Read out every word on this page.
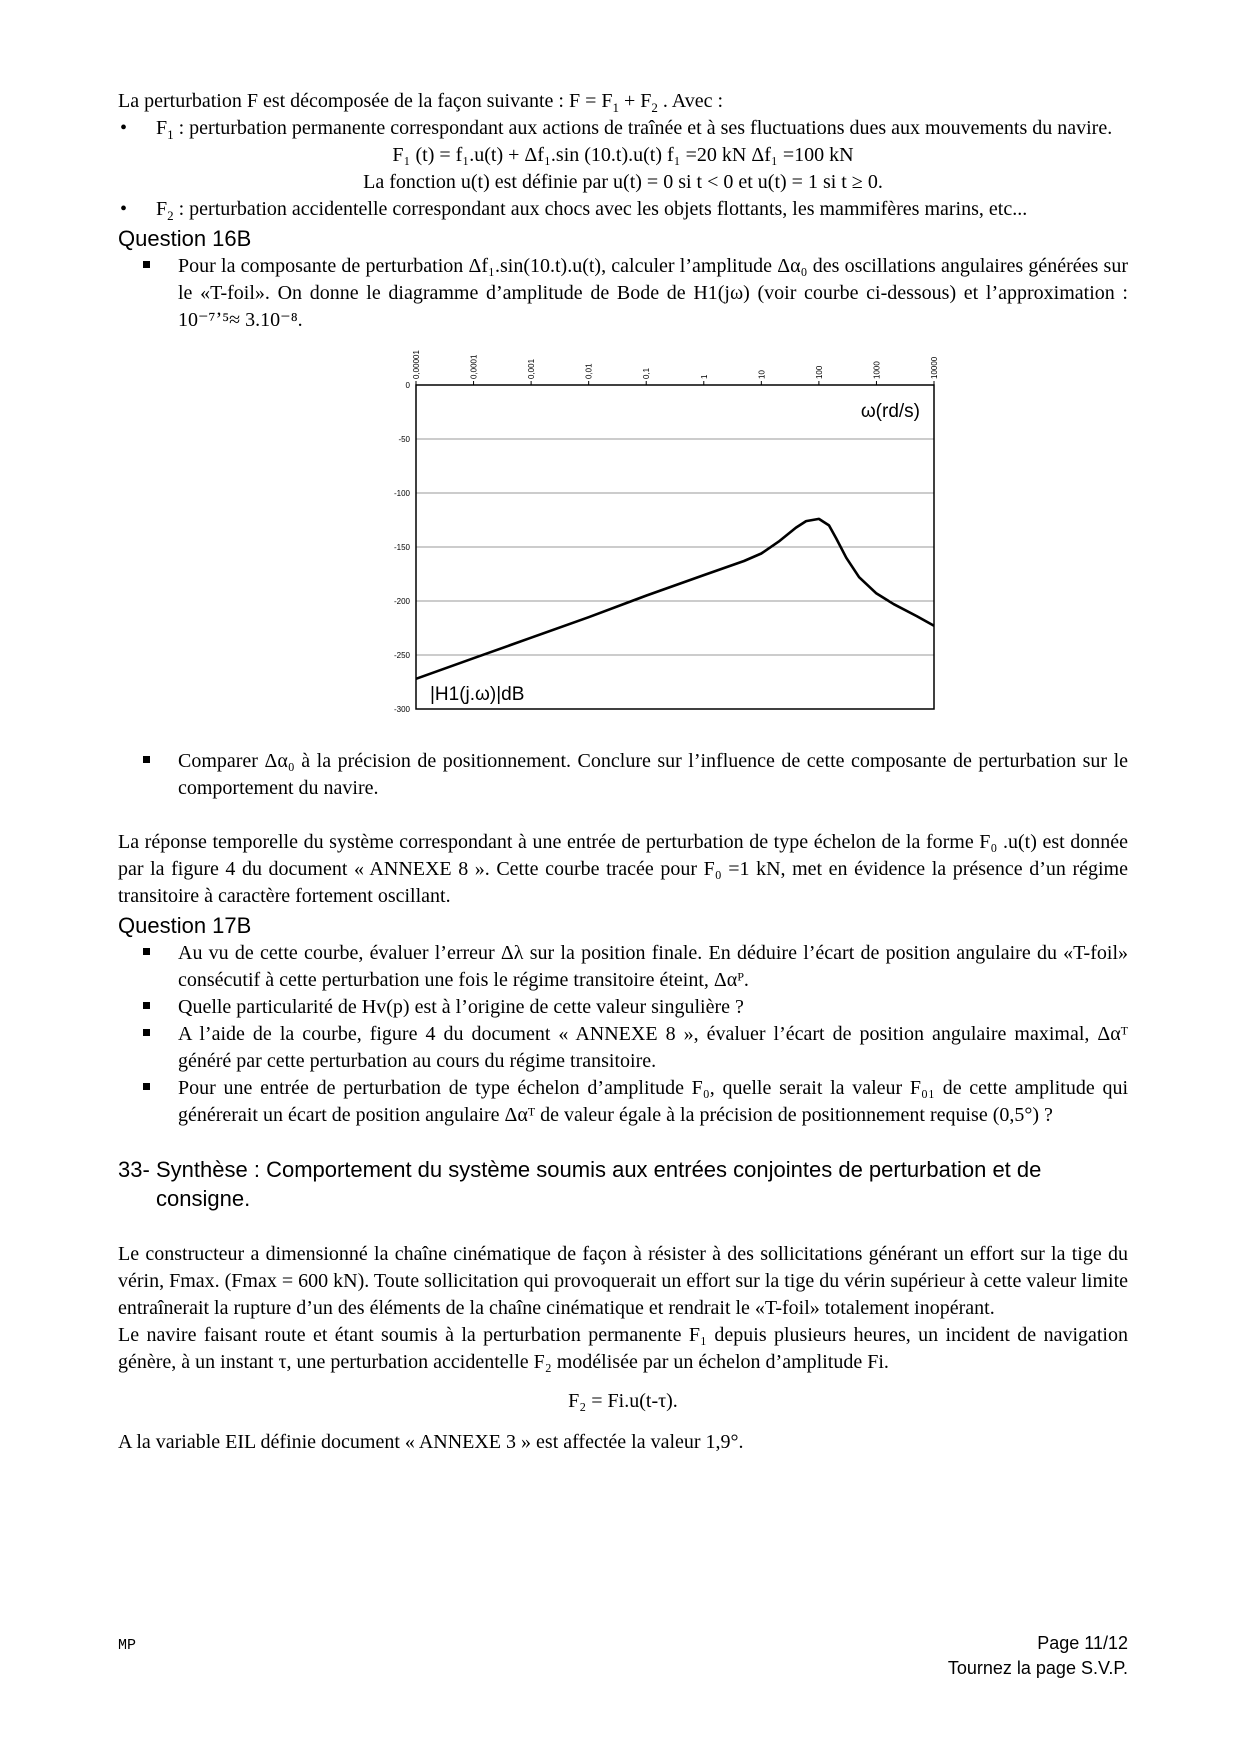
La perturbation F est décomposée de la façon suivante : $F = F_1 + F_2$ . Avec :

• $F_1$ : perturbation permanente correspondant aux actions de traînée et à ses fluctuations dues aux mouvements du navire.
F₁ (t) = f₁.u(t) + Δf₁.sin (10.t).u(t) f₁ =20 kN Δf₁ =100 kN
La fonction u(t) est définie par u(t) = 0 si t < 0 et u(t) = 1 si t ≥ 0.
• $F_2$ : perturbation accidentelle correspondant aux chocs avec les objets flottants, les mammifères marins, etc...
Question 16B
Pour la composante de perturbation Δf₁.sin(10.t).u(t), calculer l’amplitude Δα₀ des oscillations angulaires générées sur le «T-foil». On donne le diagramme d’amplitude de Bode de H1(jω) (voir courbe ci-dessous) et l’approximation : 10⁻⁷ʼ⁵≈ 3.10⁻⁸.
0
-50
-100
-150
-200
-250
-300
0,00001	0,0001	0,001	0,01	0,1	1	10	100	1000	10000
ω(rd/s)
|H1(j.ω)|dB
Comparer Δα₀ à la précision de positionnement. Conclure sur l’influence de cette composante de perturbation sur le comportement du navire.

La réponse temporelle du système correspondant à une entrée de perturbation de type échelon de la forme F₀ .u(t) est donnée par la figure 4 du document « ANNEXE 8 ». Cette courbe tracée pour F₀ =1 kN, met en évidence la présence d’un régime transitoire à caractère fortement oscillant.

Question 17B
Au vu de cette courbe, évaluer l’erreur Δλ sur la position finale. En déduire l’écart de position angulaire du «T-foil» consécutif à cette perturbation une fois le régime transitoire éteint, Δαᴾ.
Quelle particularité de Hv(p) est à l’origine de cette valeur singulière ?
A l’aide de la courbe, figure 4 du document « ANNEXE 8 », évaluer l’écart de position angulaire maximal, Δαᵀ généré par cette perturbation au cours du régime transitoire.
Pour une entrée de perturbation de type échelon d’amplitude F₀, quelle serait la valeur F₀₁ de cette amplitude qui générerait un écart de position angulaire Δαᵀ de valeur égale à la précision de positionnement requise (0,5°) ?
33- Synthèse : Comportement du système soumis aux entrées conjointes de perturbation et de consigne.

Le constructeur a dimensionné la chaîne cinématique de façon à résister à des sollicitations générant un effort sur la tige du vérin, Fmax. (Fmax = 600 kN). Toute sollicitation qui provoquerait un effort sur la tige du vérin supérieur à cette valeur limite entraînerait la rupture d’un des éléments de la chaîne cinématique et rendrait le «T-foil» totalement inopérant.

Le navire faisant route et étant soumis à la perturbation permanente F₁ depuis plusieurs heures, un incident de navigation génère, à un instant τ, une perturbation accidentelle F₂ modélisée par un échelon d’amplitude Fi.

F₂ = Fi.u(t-τ).

A la variable EIL définie document « ANNEXE 3 » est affectée la valeur 1,9°.

MP	Page 11/12
Tournez la page S.V.P.
